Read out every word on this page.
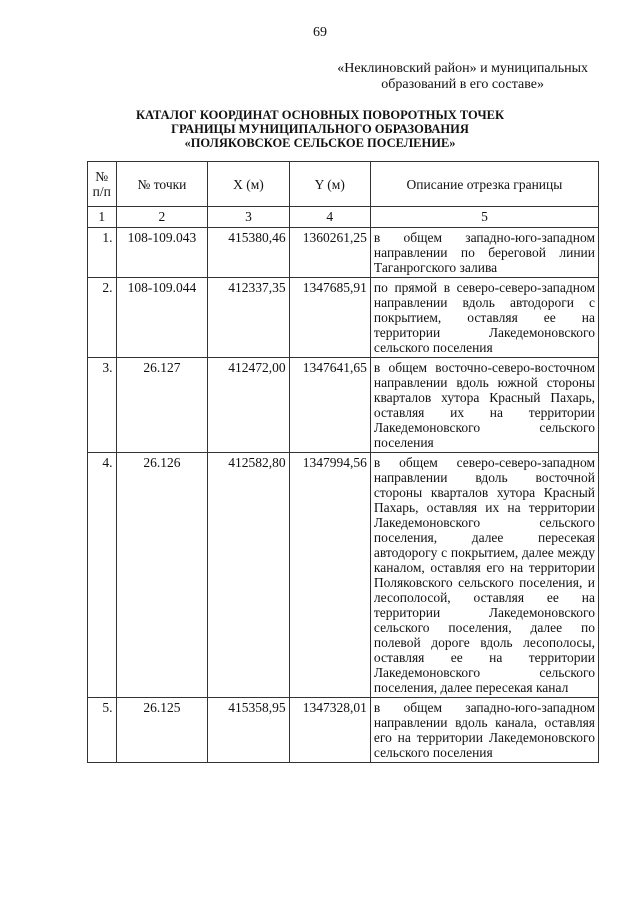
69
«Неклиновский район» и муниципальных
образований в его составе»
КАТАЛОГ КООРДИНАТ ОСНОВНЫХ ПОВОРОТНЫХ ТОЧЕК
ГРАНИЦЫ МУНИЦИПАЛЬНОГО ОБРАЗОВАНИЯ
«ПОЛЯКОВСКОЕ СЕЛЬСКОЕ ПОСЕЛЕНИЕ»
№
п/п	№ точки	X (м)	Y (м)	Описание отрезка границы
1	2	3	4	5
1.	108-109.043	415380,46	1360261,25	в общем западно-юго-западном направлении по береговой линии Таганрогского залива
2.	108-109.044	412337,35	1347685,91	по прямой в северо-северо-западном направлении вдоль автодороги с покрытием, оставляя ее на территории Лакедемоновского сельского поселения
3.	26.127	412472,00	1347641,65	в общем восточно-северо-восточном направлении вдоль южной стороны кварталов хутора Красный Пахарь, оставляя их на территории Лакедемоновского сельского поселения
4.	26.126	412582,80	1347994,56	в общем северо-северо-западном направлении вдоль восточной стороны кварталов хутора Красный Пахарь, оставляя их на территории Лакедемоновского сельского поселения, далее пересекая автодорогу с покрытием, далее между каналом, оставляя его на территории Поляковского сельского поселения, и лесополосой, оставляя ее на территории Лакедемоновского сельского поселения, далее по полевой дороге вдоль лесополосы, оставляя ее на территории Лакедемоновского сельского поселения, далее пересекая канал
5.	26.125	415358,95	1347328,01	в общем западно-юго-западном направлении вдоль канала, оставляя его на территории Лакедемоновского сельского поселения
